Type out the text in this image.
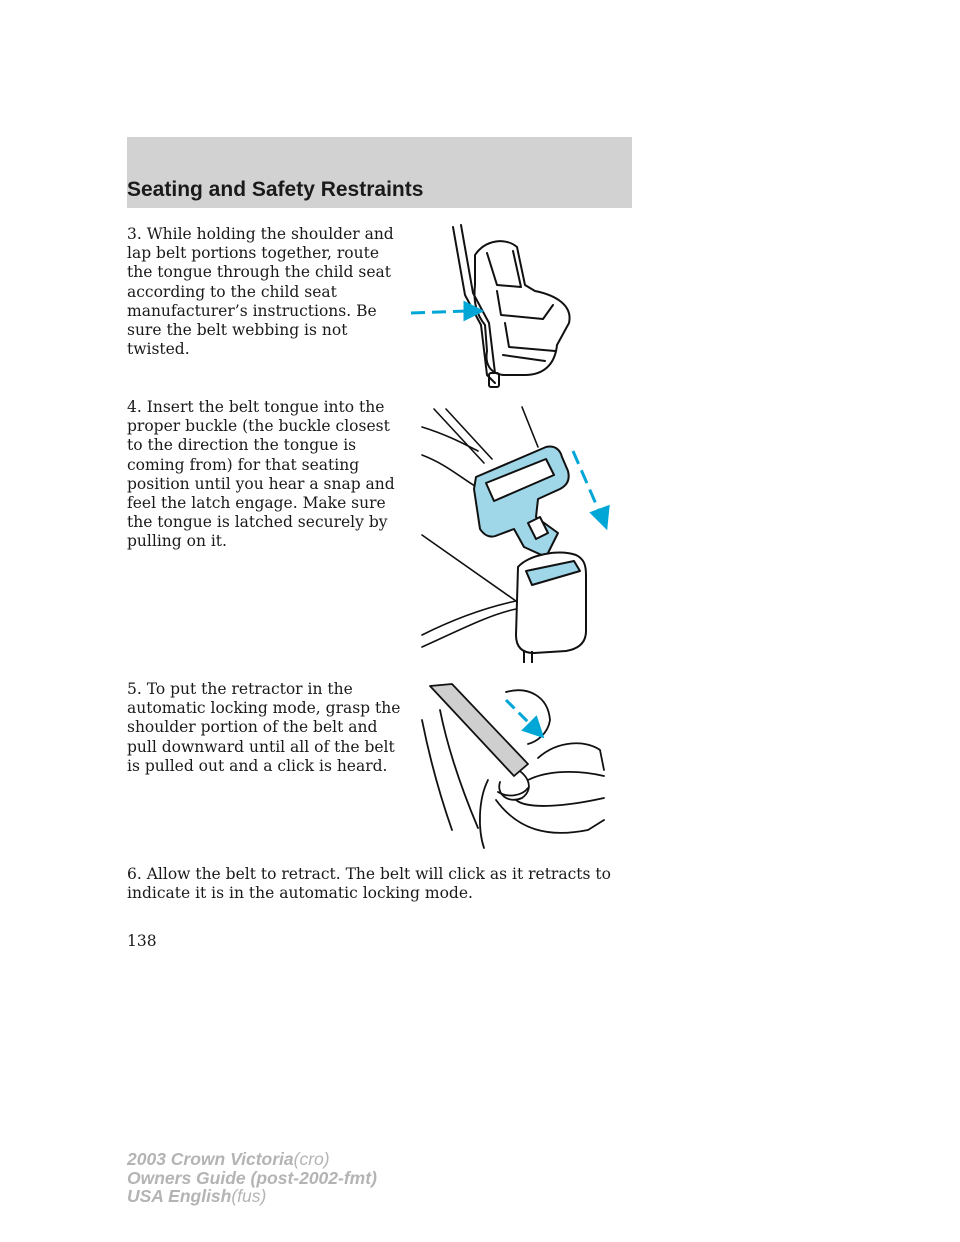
Seating and Safety Restraints
3. While holding the shoulder and lap belt portions together, route the tongue through the child seat according to the child seat manufacturer’s instructions. Be sure the belt webbing is not twisted.
4. Insert the belt tongue into the proper buckle (the buckle closest to the direction the tongue is coming from) for that seating position until you hear a snap and feel the latch engage. Make sure the tongue is latched securely by pulling on it.
5. To put the retractor in the automatic locking mode, grasp the shoulder portion of the belt and pull downward until all of the belt is pulled out and a click is heard.
6. Allow the belt to retract. The belt will click as it retracts to indicate it is in the automatic locking mode.
138
2003 Crown Victoria(cro)
Owners Guide (post-2002-fmt)
USA English(fus)
